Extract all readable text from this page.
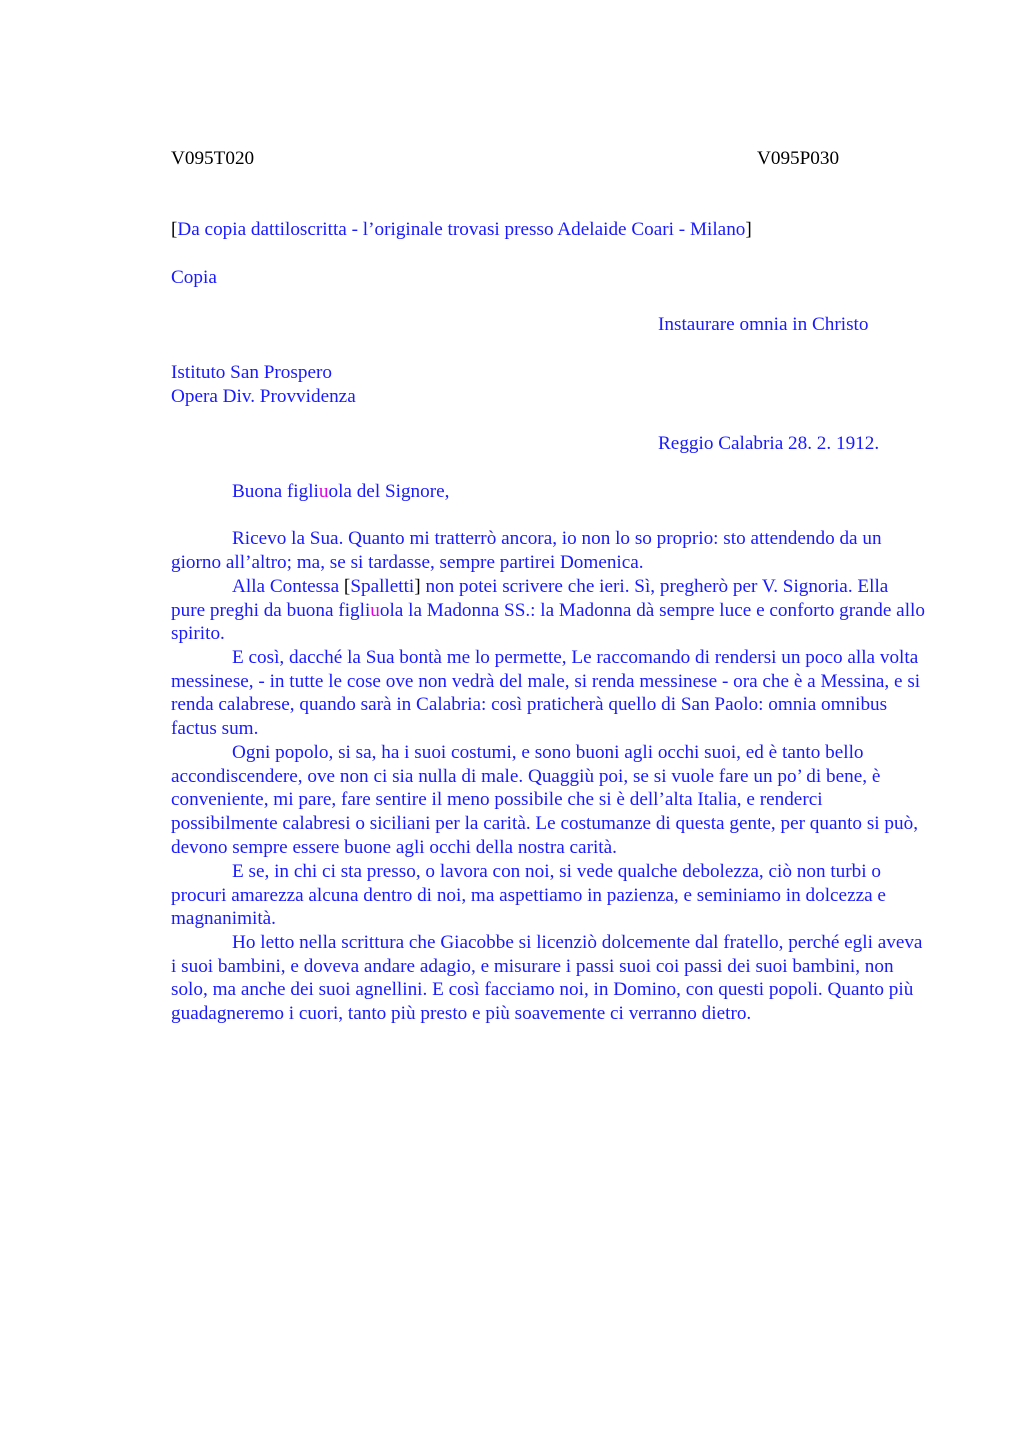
V095T020	V095P030
[Da copia dattiloscritta - l’originale trovasi presso Adelaide Coari - Milano]
Copia
Instaurare omnia in Christo
Istituto San Prospero
Opera Div. Provvidenza
Reggio Calabria 28. 2. 1912.
Buona figliuola del Signore,

Ricevo la Sua. Quanto mi tratterrò ancora, io non lo so proprio: sto attendendo da un giorno all’altro; ma, se si tardasse, sempre partirei Domenica.

Alla Contessa [Spalletti] non potei scrivere che ieri. Sì, pregherò per V. Signoria. Ella pure preghi da buona figliuola la Madonna SS.: la Madonna dà sempre luce e conforto grande allo spirito.

E così, dacché la Sua bontà me lo permette, Le raccomando di rendersi un poco alla volta messinese, - in tutte le cose ove non vedrà del male, si renda messinese - ora che è a Messina, e si renda calabrese, quando sarà in Calabria: così praticherà quello di San Paolo: omnia omnibus factus sum.

Ogni popolo, si sa, ha i suoi costumi, e sono buoni agli occhi suoi, ed è tanto bello accondiscendere, ove non ci sia nulla di male. Quaggiù poi, se si vuole fare un po’ di bene, è conveniente, mi pare, fare sentire il meno possibile che si è dell’alta Italia, e renderci possibilmente calabresi o siciliani per la carità. Le costumanze di questa gente, per quanto si può, devono sempre essere buone agli occhi della nostra carità.

E se, in chi ci sta presso, o lavora con noi, si vede qualche debolezza, ciò non turbi o procuri amarezza alcuna dentro di noi, ma aspettiamo in pazienza, e seminiamo in dolcezza e magnanimità.

Ho letto nella scrittura che Giacobbe si licenziò dolcemente dal fratello, perché egli aveva i suoi bambini, e doveva andare adagio, e misurare i passi suoi coi passi dei suoi bambini, non solo, ma anche dei suoi agnellini. E così facciamo noi, in Domino, con questi popoli. Quanto più guadagneremo i cuori, tanto più presto e più soavemente ci verranno dietro.
